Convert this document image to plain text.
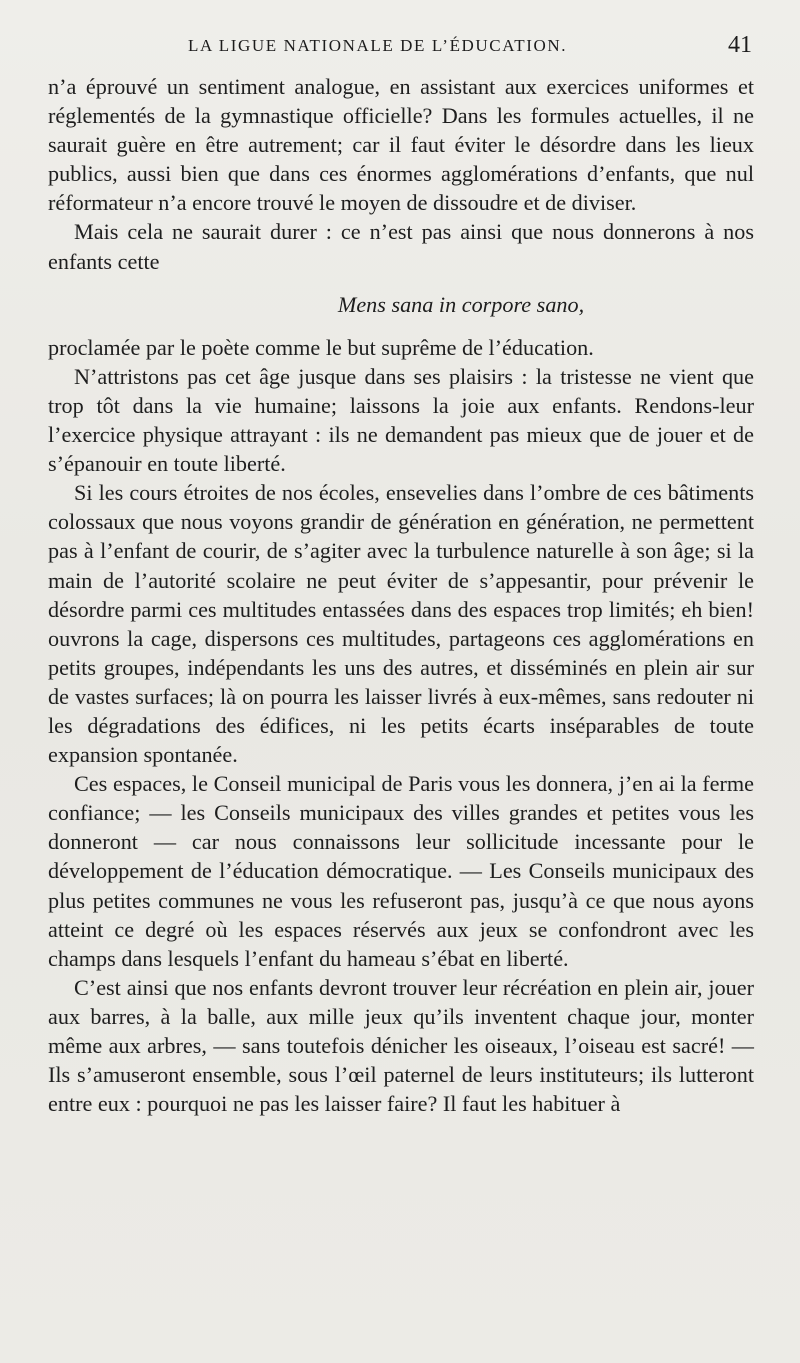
LA LIGUE NATIONALE DE L’ÉDUCATION.	41

n’a éprouvé un sentiment analogue, en assistant aux exercices uniformes et réglementés de la gymnastique officielle? Dans les formules actuelles, il ne saurait guère en être autrement; car il faut éviter le désordre dans les lieux publics, aussi bien que dans ces énormes agglomérations d’enfants, que nul réformateur n’a encore trouvé le moyen de dissoudre et de diviser.

Mais cela ne saurait durer : ce n’est pas ainsi que nous donnerons à nos enfants cette

Mens sana in corpore sano,

proclamée par le poète comme le but suprême de l’éducation.

N’attristons pas cet âge jusque dans ses plaisirs : la tristesse ne vient que trop tôt dans la vie humaine; laissons la joie aux enfants. Rendons-leur l’exercice physique attrayant : ils ne demandent pas mieux que de jouer et de s’épanouir en toute liberté.

Si les cours étroites de nos écoles, ensevelies dans l’ombre de ces bâtiments colossaux que nous voyons grandir de génération en génération, ne permettent pas à l’enfant de courir, de s’agiter avec la turbulence naturelle à son âge; si la main de l’autorité scolaire ne peut éviter de s’appesantir, pour prévenir le désordre parmi ces multitudes entassées dans des espaces trop limités; eh bien! ouvrons la cage, dispersons ces multitudes, partageons ces agglomérations en petits groupes, indépendants les uns des autres, et disséminés en plein air sur de vastes surfaces; là on pourra les laisser livrés à eux-mêmes, sans redouter ni les dégradations des édifices, ni les petits écarts inséparables de toute expansion spontanée.

Ces espaces, le Conseil municipal de Paris vous les donnera, j’en ai la ferme confiance; — les Conseils municipaux des villes grandes et petites vous les donneront — car nous connaissons leur sollicitude incessante pour le développement de l’éducation démocratique. — Les Conseils municipaux des plus petites communes ne vous les refuseront pas, jusqu’à ce que nous ayons atteint ce degré où les espaces réservés aux jeux se confondront avec les champs dans lesquels l’enfant du hameau s’ébat en liberté.

C’est ainsi que nos enfants devront trouver leur récréation en plein air, jouer aux barres, à la balle, aux mille jeux qu’ils inventent chaque jour, monter même aux arbres, — sans toutefois dénicher les oiseaux, l’oiseau est sacré! — Ils s’amuseront ensemble, sous l’œil paternel de leurs instituteurs; ils lutteront entre eux : pourquoi ne pas les laisser faire? Il faut les habituer à
